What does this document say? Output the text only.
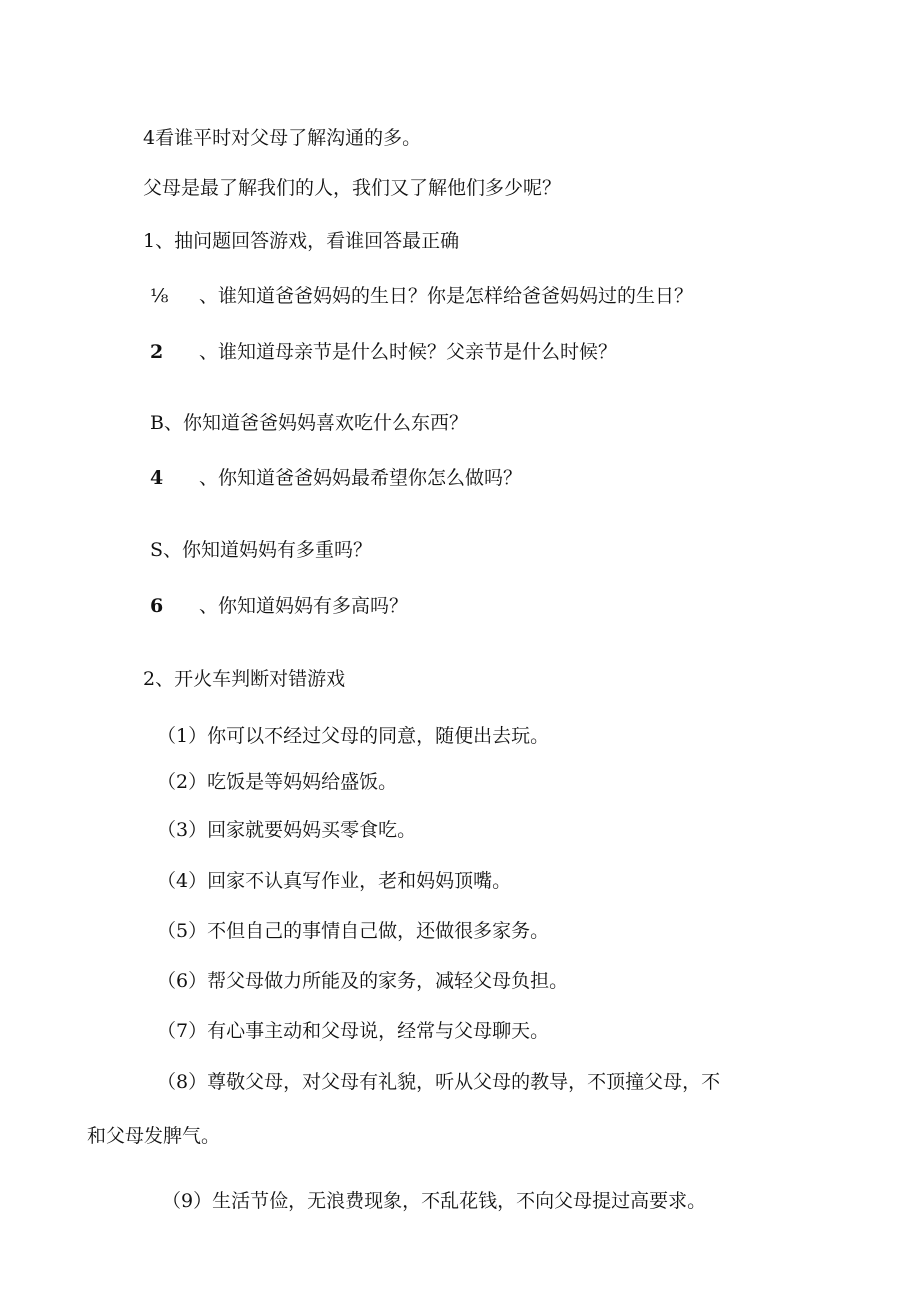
4看谁平时对父母了解沟通的多。
父母是最了解我们的人，我们又了解他们多少呢？
1、抽问题回答游戏，看谁回答最正确
⅛ 、谁知道爸爸妈妈的生日？你是怎样给爸爸妈妈过的生日？
2 、谁知道母亲节是什么时候？父亲节是什么时候？
B、你知道爸爸妈妈喜欢吃什么东西？
4 、你知道爸爸妈妈最希望你怎么做吗？
S、你知道妈妈有多重吗？
6 、你知道妈妈有多高吗？
2、开火车判断对错游戏
（1）你可以不经过父母的同意，随便出去玩。
（2）吃饭是等妈妈给盛饭。
（3）回家就要妈妈买零食吃。
（4）回家不认真写作业，老和妈妈顶嘴。
（5）不但自己的事情自己做，还做很多家务。
（6）帮父母做力所能及的家务，减轻父母负担。
（7）有心事主动和父母说，经常与父母聊天。
（8）尊敬父母，对父母有礼貌，听从父母的教导，不顶撞父母，不
和父母发脾气。
（9）生活节俭，无浪费现象，不乱花钱，不向父母提过高要求。
